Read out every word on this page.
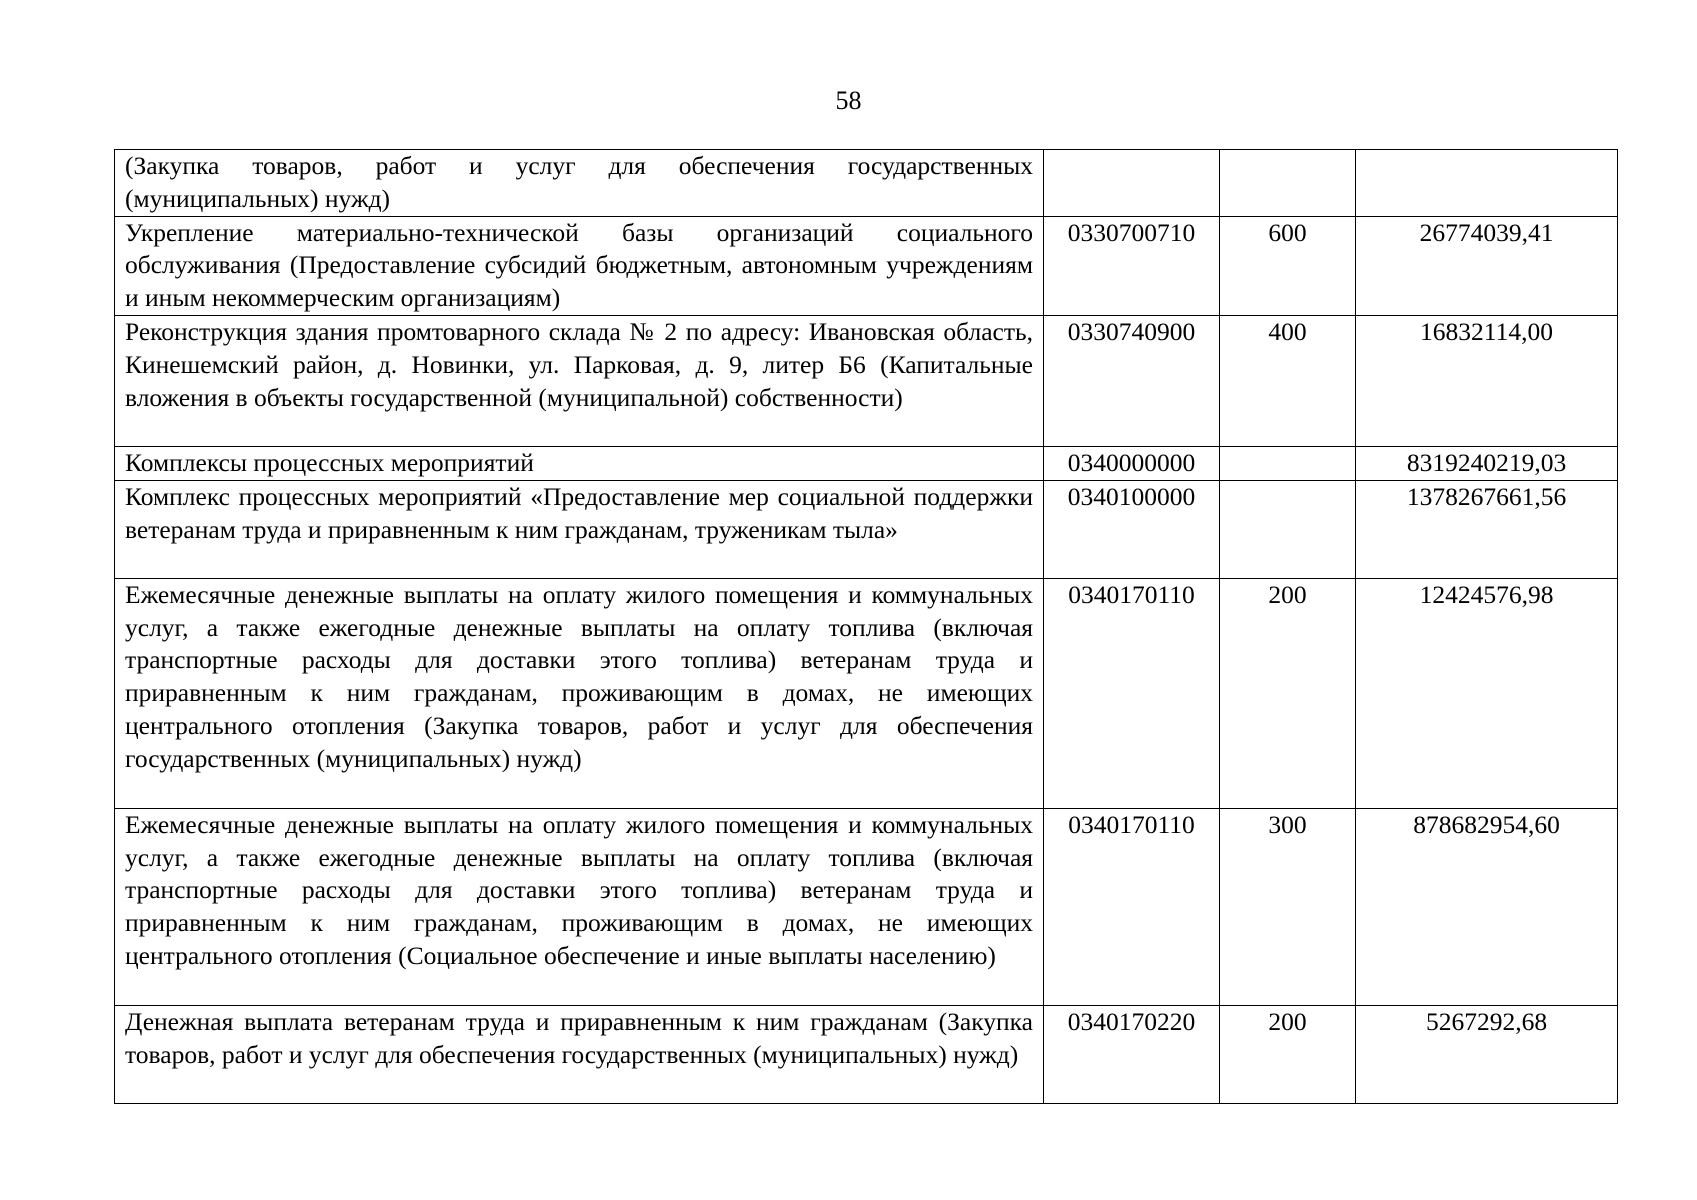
58
(Закупка товаров, работ и услуг для обеспечения государственных (муниципальных) нужд)			
Укрепление материально-технической базы организаций социального обслуживания (Предоставление субсидий бюджетным, автономным учреждениям и иным некоммерческим организациям)	0330700710	600	26774039,41
Реконструкция здания промтоварного склада № 2 по адресу: Ивановская область, Кинешемский район, д. Новинки, ул. Парковая, д. 9, литер Б6 (Капитальные вложения в объекты государственной (муниципальной) собственности)	0330740900	400	16832114,00
Комплексы процессных мероприятий	0340000000		8319240219,03
Комплекс процессных мероприятий «Предоставление мер социальной поддержки ветеранам труда и приравненным к ним гражданам, труженикам тыла»	0340100000		1378267661,56
Ежемесячные денежные выплаты на оплату жилого помещения и коммунальных услуг, а также ежегодные денежные выплаты на оплату топлива (включая транспортные расходы для доставки этого топлива) ветеранам труда и приравненным к ним гражданам, проживающим в домах, не имеющих центрального отопления (Закупка товаров, работ и услуг для обеспечения государственных (муниципальных) нужд)	0340170110	200	12424576,98
Ежемесячные денежные выплаты на оплату жилого помещения и коммунальных услуг, а также ежегодные денежные выплаты на оплату топлива (включая транспортные расходы для доставки этого топлива) ветеранам труда и приравненным к ним гражданам, проживающим в домах, не имеющих центрального отопления (Социальное обеспечение и иные выплаты населению)	0340170110	300	878682954,60
Денежная выплата ветеранам труда и приравненным к ним гражданам (Закупка товаров, работ и услуг для обеспечения государственных (муниципальных) нужд)	0340170220	200	5267292,68
